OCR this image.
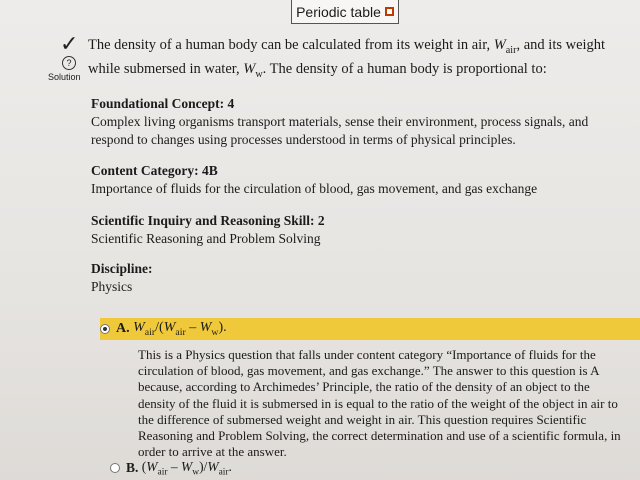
Periodic table
✓
?
Solution
The density of a human body can be calculated from its weight in air, $W_{air}$, and its weight
while submersed in water, $W_w$. The density of a human body is proportional to:
Foundational Concept: 4
Complex living organisms transport materials, sense their environment, process signals, and respond to changes using processes understood in terms of physical principles.
Content Category: 4B
Importance of fluids for the circulation of blood, gas movement, and gas exchange
Scientific Inquiry and Reasoning Skill: 2
Scientific Reasoning and Problem Solving
Discipline:
Physics
A.
$W_{air}/(W_{air} - W_w)$.
This is a Physics question that falls under content category “Importance of fluids for the circulation of blood, gas movement, and gas exchange.” The answer to this question is A because, according to Archimedes’ Principle, the ratio of the density of an object to the density of the fluid it is submersed in is equal to the ratio of the weight of the object in air to the difference of submersed weight and weight in air. This question requires Scientific Reasoning and Problem Solving, the correct determination and use of a scientific formula, in order to arrive at the answer.
B.
$(W_{air} - W_w)/W_{air}$.
